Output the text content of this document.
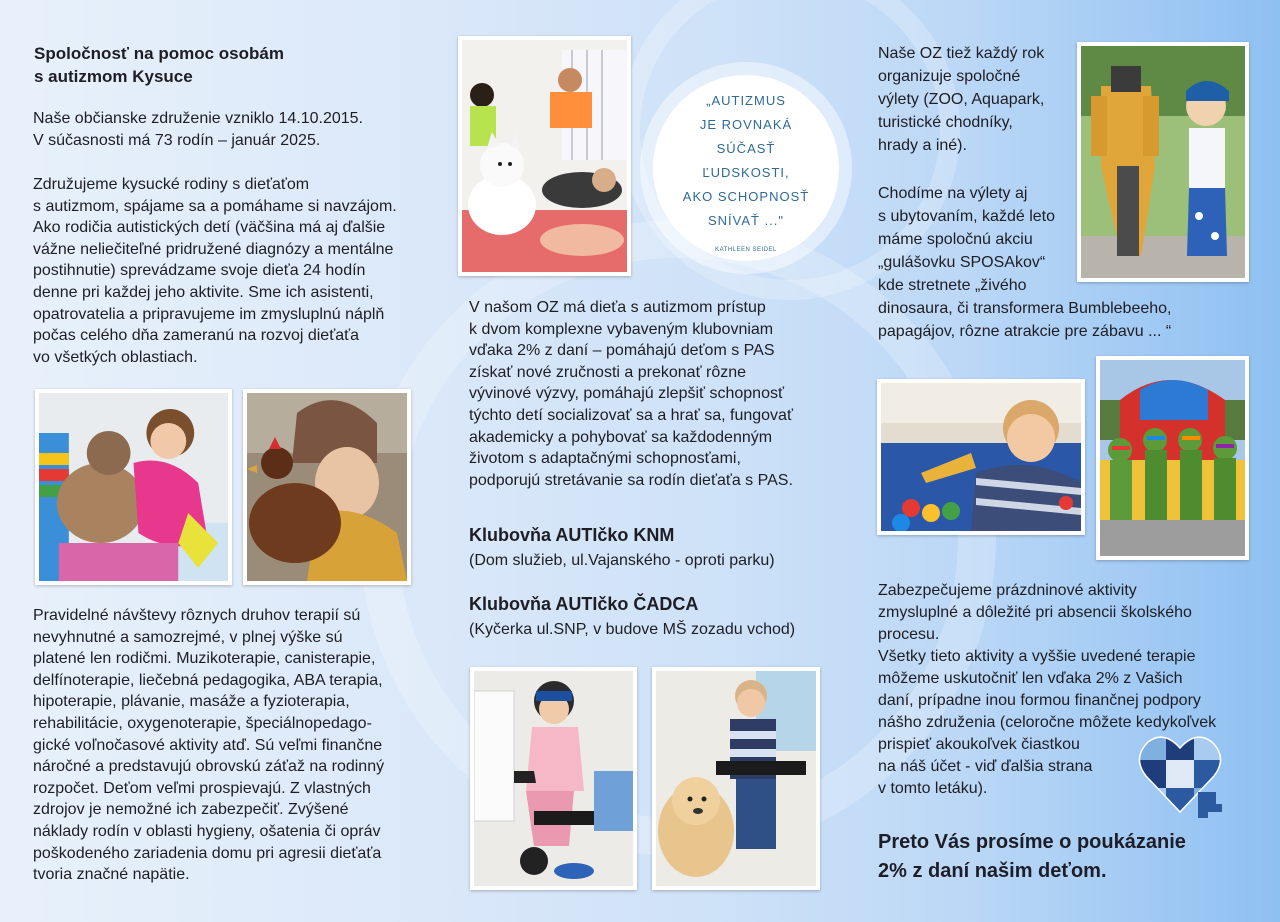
Spoločnosť na pomoc osobám
s autizmom Kysuce
Naše občianske združenie vzniklo 14.10.2015.
V súčasnosti má 73 rodín – január 2025.
Združujeme kysucké rodiny s dieťaťom
s autizmom, spájame sa a pomáhame si navzájom.
Ako rodičia autistických detí (väčšina má aj ďalšie
vážne neliečiteľné pridružené diagnózy a mentálne
postihnutie) sprevádzame svoje dieťa 24 hodín
denne pri každej jeho aktivite. Sme ich asistenti,
opatrovatelia a pripravujeme im zmysluplnú náplň
počas celého dňa zameranú na rozvoj dieťaťa
vo všetkých oblastiach.
Pravidelné návštevy rôznych druhov terapií sú
nevyhnutné a samozrejmé, v plnej výške sú
platené len rodičmi. Muzikoterapie, canisterapie,
delfínoterapie, liečebná pedagogika, ABA terapia,
hipoterapie, plávanie, masáže a fyzioterapia,
rehabilitácie, oxygenoterapie, špeciálnopedago-
gické voľnočasové aktivity atď. Sú veľmi finančne
náročné a predstavujú obrovskú záťaž na rodinný
rozpočet. Deťom veľmi prospievajú. Z vlastných
zdrojov je nemožné ich zabezpečiť. Zvýšené
náklady rodín v oblasti hygieny, ošatenia či opráv
poškodeného zariadenia domu pri agresii dieťaťa
tvoria značné napätie.
„AUTIZMUS
JE ROVNAKÁ
SÚČASŤ ĽUDSKOSTI,
AKO SCHOPNOSŤ
SNÍVAŤ ..."
KATHLEEN SEIDEL
V našom OZ má dieťa s autizmom prístup
k dvom komplexne vybaveným klubovniam
vďaka 2% z daní – pomáhajú deťom s PAS
získať nové zručnosti a prekonať rôzne
vývinové výzvy, pomáhajú zlepšiť schopnosť
týchto detí socializovať sa a hrať sa, fungovať
akademicky a pohybovať sa každodenným
životom s adaptačnými schopnosťami,
podporujú stretávanie sa rodín dieťaťa s PAS.
Klubovňa AUTIčko KNM
(Dom služieb, ul.Vajanského - oproti parku)
Klubovňa AUTIčko ČADCA
(Kyčerka ul.SNP, v budove MŠ zozadu vchod)
Naše OZ tiež každý rok
organizuje spoločné
výlety (ZOO, Aquapark,
turistické chodníky,
hrady a iné).
Chodíme na výlety aj
s ubytovaním, každé leto
máme spoločnú akciu
„gulášovku SPOSAkov“
kde stretnete „živého
dinosaura, či transformera Bumblebeeho,
papagájov, rôzne atrakcie pre zábavu ... “
Zabezpečujeme prázdninové aktivity
zmysluplné a dôležité pri absencii školského
procesu.
Všetky tieto aktivity a vyššie uvedené terapie
môžeme uskutočniť len vďaka 2% z Vašich
daní, prípadne inou formou finančnej podpory
nášho združenia (celoročne môžete kedykoľvek
prispieť akoukoľvek čiastkou
na náš účet - viď ďalšia strana
v tomto letáku).
Preto Vás prosíme o poukázanie
2% z daní našim deťom.
